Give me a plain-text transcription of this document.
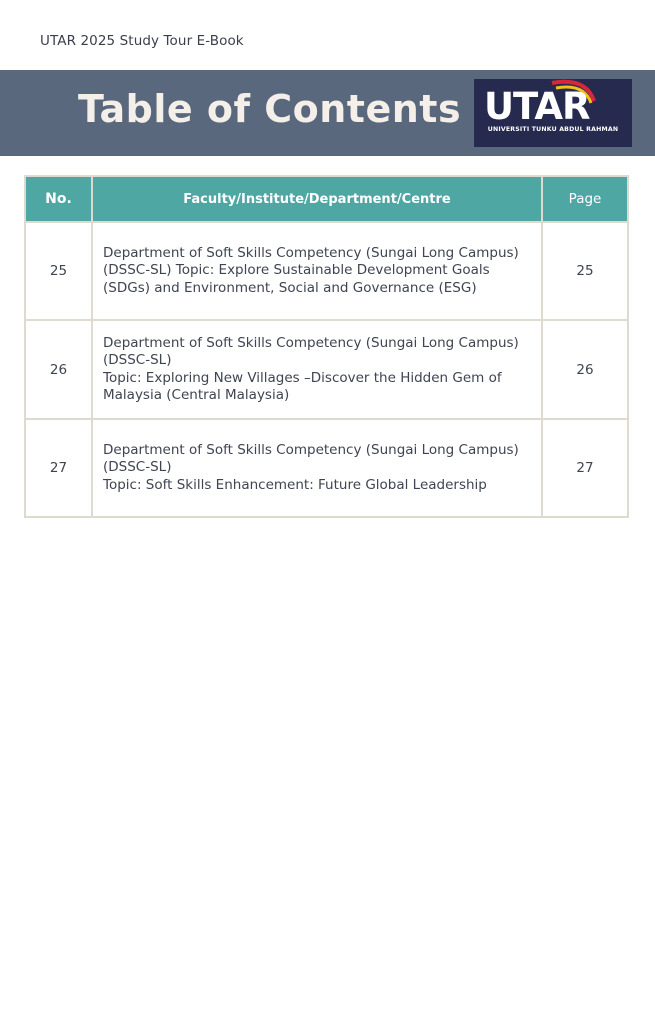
UTAR 2025 Study Tour E-Book
Table of Contents UTAR
UNIVERSITI TUNKU ABDUL RAHMAN
No.	Faculty/Institute/Department/Centre	Page
25	Department of Soft Skills Competency (Sungai Long Campus) (DSSC-SL) Topic: Explore Sustainable Development Goals (SDGs) and Environment, Social and Governance (ESG)	25
26	Department of Soft Skills Competency (Sungai Long Campus) (DSSC-SL)
Topic: Exploring New Villages –Discover the Hidden Gem of Malaysia (Central Malaysia)	26
27	Department of Soft Skills Competency (Sungai Long Campus) (DSSC-SL)
Topic: Soft Skills Enhancement: Future Global Leadership	27
